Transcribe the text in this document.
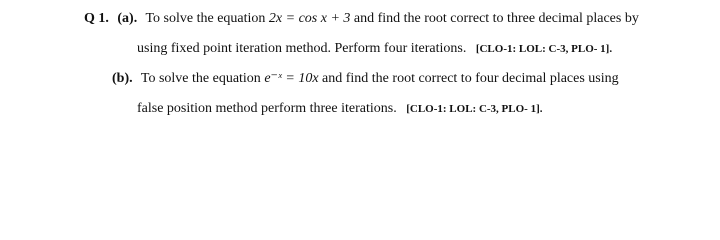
Q 1. (a). To solve the equation 2x = cos x + 3 and find the root correct to three decimal places by
using fixed point iteration method. Perform four iterations. [CLO-1: LOL: C-3, PLO- 1].
(b). To solve the equation e⁻ˣ = 10x and find the root correct to four decimal places using
false position method perform three iterations. [CLO-1: LOL: C-3, PLO- 1].
